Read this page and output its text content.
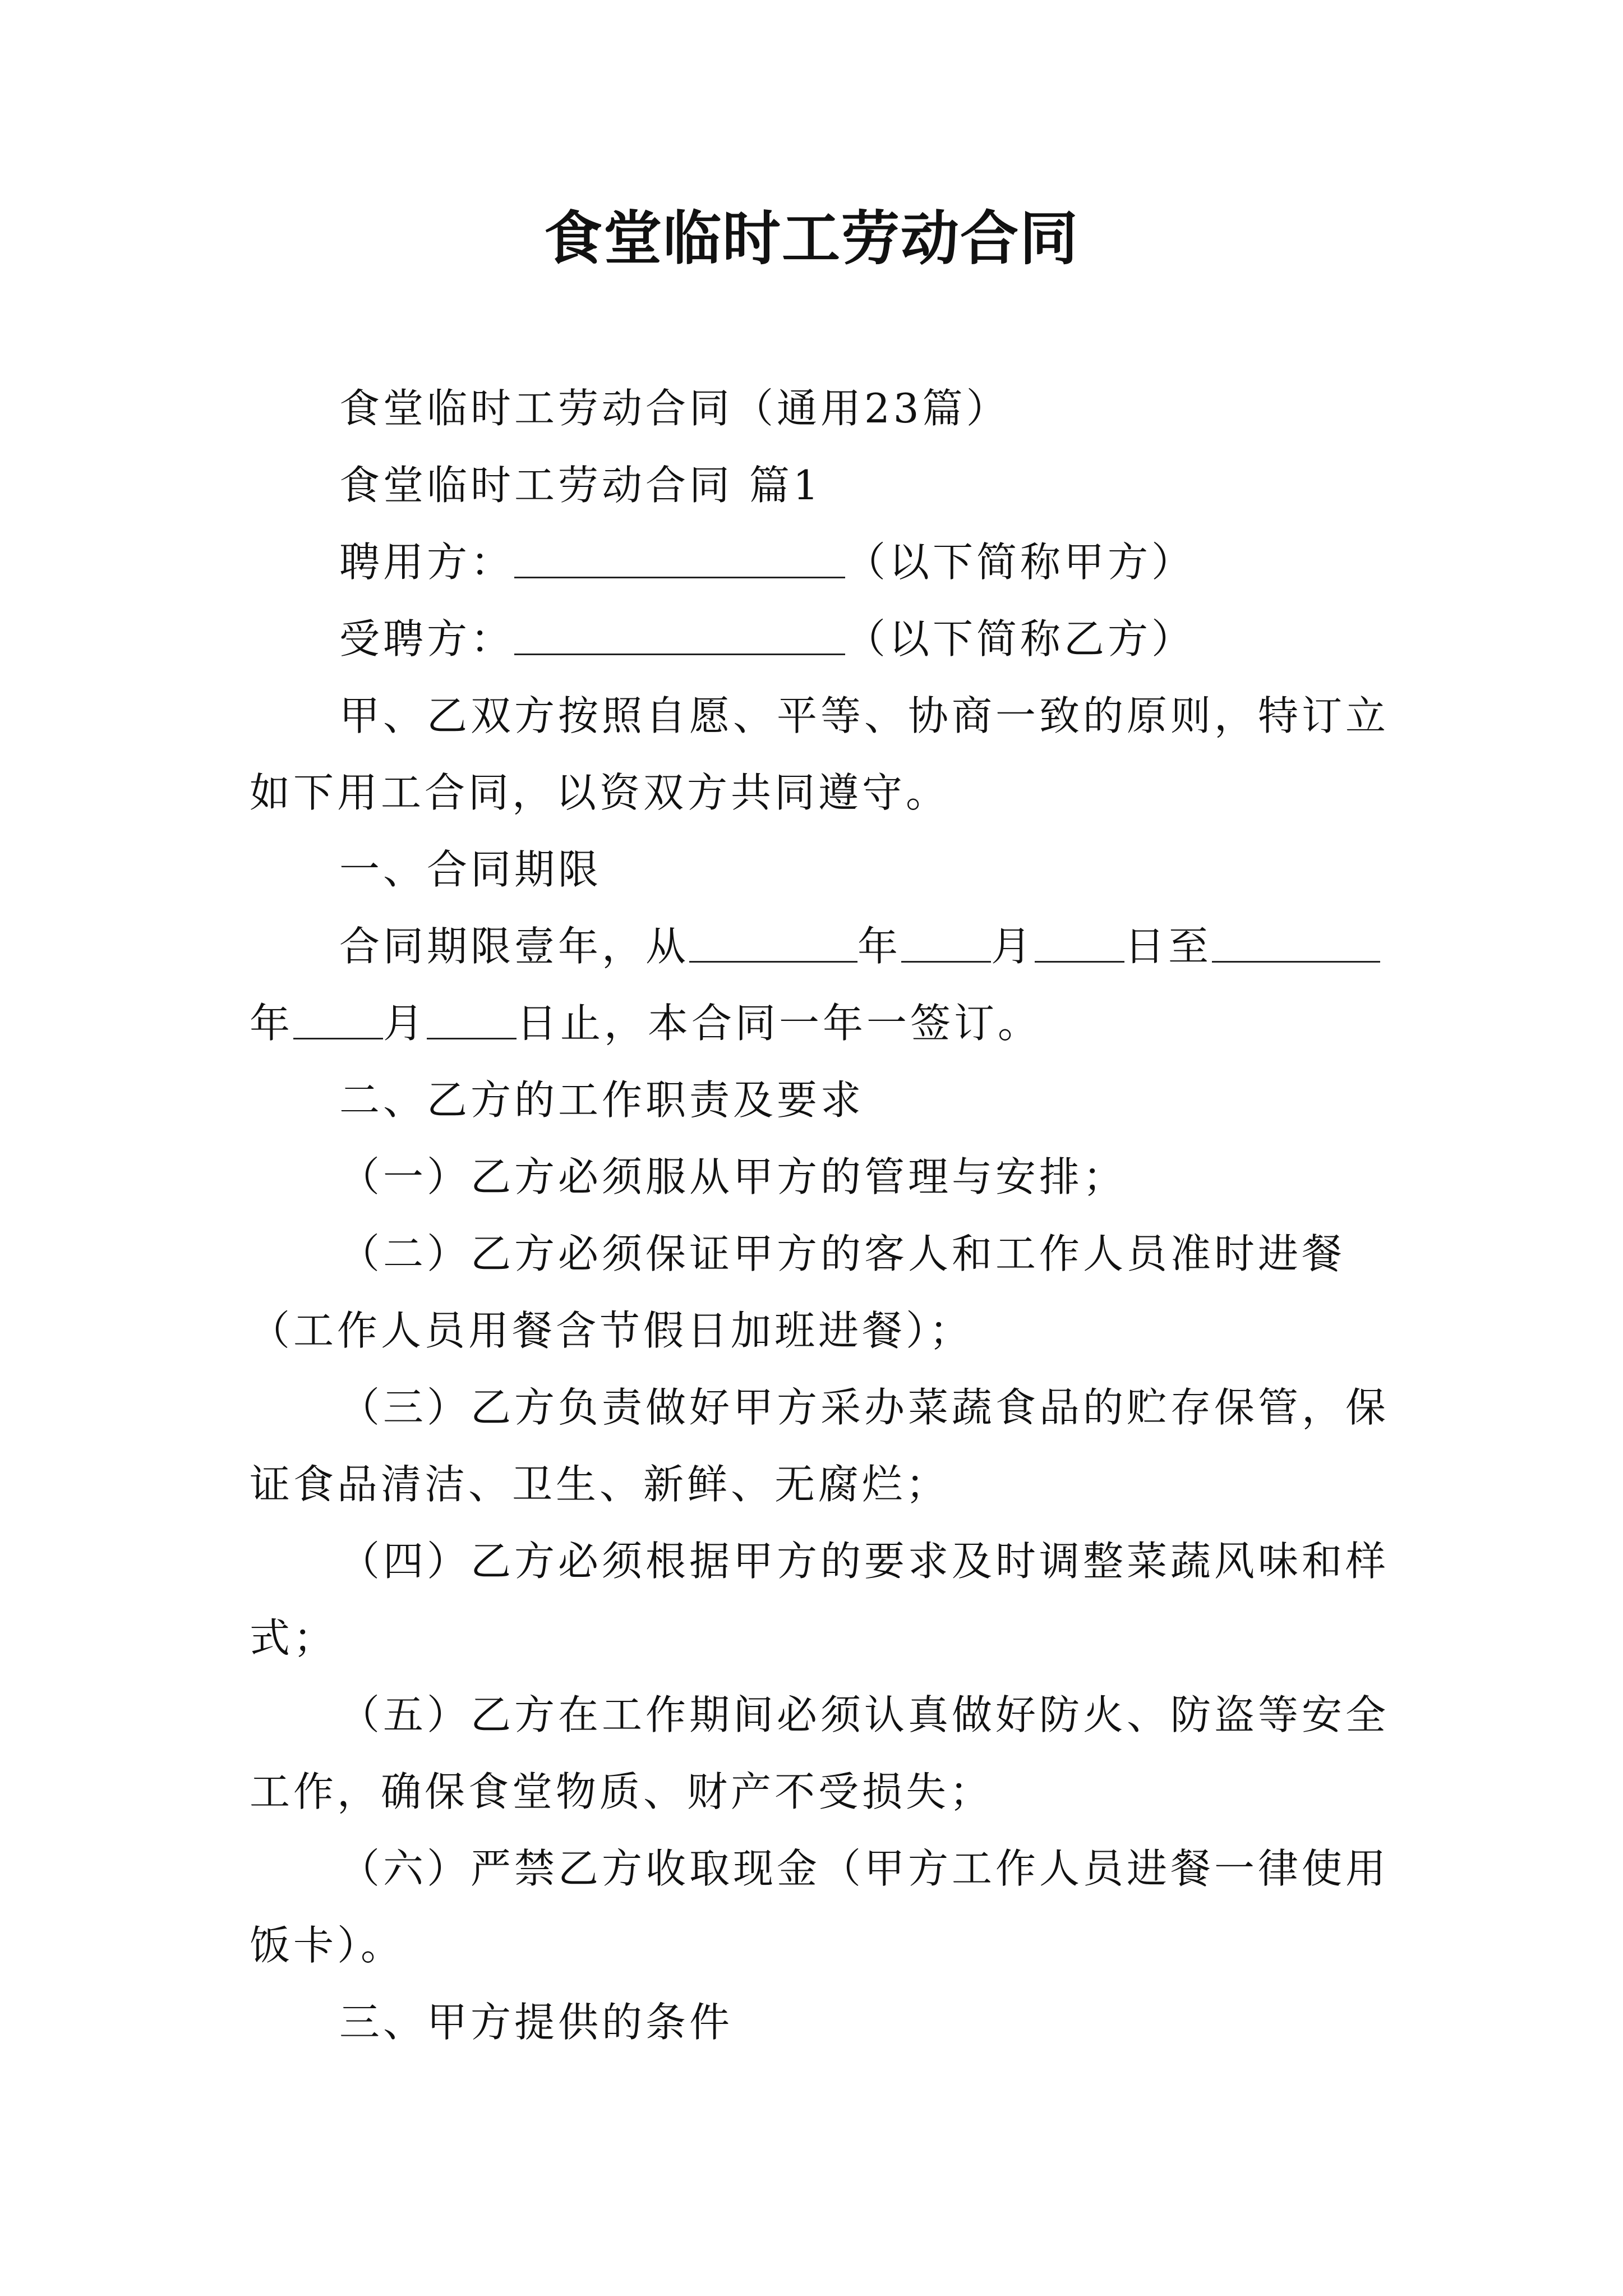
食堂临时工劳动合同

食堂临时工劳动合同（通用23篇）

食堂临时工劳动合同 篇1

聘用方：	（以下简称甲方）

受聘方：	（以下简称乙方）

甲、乙双方按照自愿、平等、协商一致的原则，特订立

如下用工合同，以资双方共同遵守。

一、合同期限

合同期限壹年，从	年 月 日至

年 月 日止，本合同一年一签订。

二、乙方的工作职责及要求

（一）乙方必须服从甲方的管理与安排；

（二）乙方必须保证甲方的客人和工作人员准时进餐

（工作人员用餐含节假日加班进餐）；

（三）乙方负责做好甲方采办菜蔬食品的贮存保管，保

证食品清洁、卫生、新鲜、无腐烂；

（四）乙方必须根据甲方的要求及时调整菜蔬风味和样

式；

（五）乙方在工作期间必须认真做好防火、防盗等安全

工作，确保食堂物质、财产不受损失；

（六）严禁乙方收取现金（甲方工作人员进餐一律使用

饭卡）。

三、甲方提供的条件
